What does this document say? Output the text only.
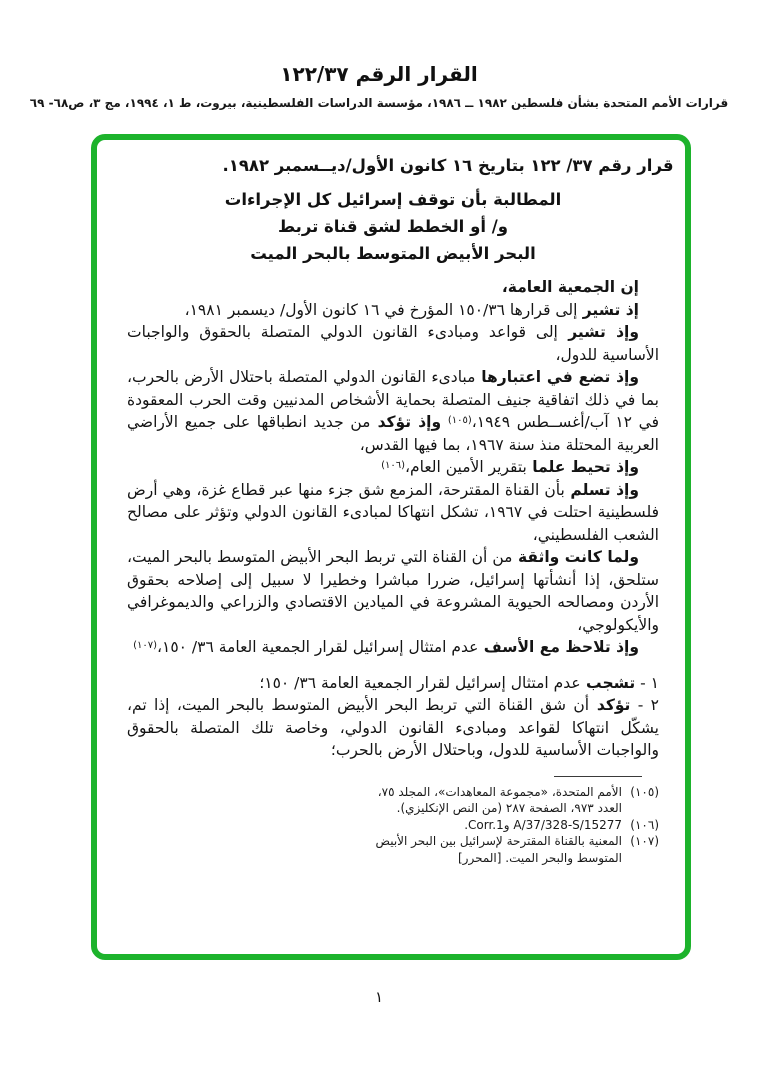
القرار الرقم ١٢٢/٣٧
قرارات الأمم المتحدة بشأن فلسطين ١٩٨٢ ــ ١٩٨٦، مؤسسة الدراسات الفلسطينية، بيروت، ط ١، ١٩٩٤، مج ٣، ص٦٨- ٦٩
قرار رقم ٣٧/ ١٢٢ بتاريخ ١٦ كانون الأول/ديــسمبر ١٩٨٢.
المطالبة بأن توقف إسرائيل كل الإجراءات
و/ أو الخطط لشق قناة تربط
البحر الأبيض المتوسط بالبحر الميت

إن الجمعية العامة،

إذ تشير إلى قرارها ١٥٠/٣٦ المؤرخ في ١٦ كانون الأول/ ديسمبر ١٩٨١،

وإذ تشير إلى قواعد ومبادىء القانون الدولي المتصلة بالحقوق والواجبات الأساسية للدول،

وإذ تضع في اعتبارها مبادىء القانون الدولي المتصلة باحتلال الأرض بالحرب، بما في ذلك اتفاقية جنيف المتصلة بحماية الأشخاص المدنيين وقت الحرب المعقودة في ١٢ آب/أغســطس ١٩٤٩،$^{(١٠٥)}$ وإذ تؤكد من جديد انطباقها على جميع الأراضي العربية المحتلة منذ سنة ١٩٦٧، بما فيها القدس،

وإذ تحيط علما بتقرير الأمين العام،$^{(١٠٦)}$

وإذ تسلم بأن القناة المقترحة، المزمع شق جزء منها عبر قطاع غزة، وهي أرض فلسطينية احتلت في ١٩٦٧، تشكل انتهاكا لمبادىء القانون الدولي وتؤثر على مصالح الشعب الفلسطيني،

ولما كانت واثقة من أن القناة التي تربط البحر الأبيض المتوسط بالبحر الميت، ستلحق، إذا أنشأتها إسرائيل، ضررا مباشرا وخطيرا لا سبيل إلى إصلاحه بحقوق الأردن ومصالحه الحيوية المشروعة في الميادين الاقتصادي والزراعي والديموغرافي والأيكولوجي،

وإذ تلاحظ مع الأسف عدم امتثال إسرائيل لقرار الجمعية العامة ٣٦/ ١٥٠،$^{(١٠٧)}$

١ - تشجب عدم امتثال إسرائيل لقرار الجمعية العامة ٣٦/ ١٥٠؛

٢ - تؤكد أن شق القناة التي تربط البحر الأبيض المتوسط بالبحر الميت، إذا تم، يشكّل انتهاكا لقواعد ومبادىء القانون الدولي، وخاصة تلك المتصلة بالحقوق والواجبات الأساسية للدول، وباحتلال الأرض بالحرب؛

(١٠٥)
الأمم المتحدة، «مجموعة المعاهدات»، المجلد ٧٥، العدد ٩٧٣، الصفحة ٢٨٧ (من النص الإنكليزي).
(١٠٦)
A/37/328-S/15277 وCorr.1.
(١٠٧)
المعنية بالقناة المقترحة لإسرائيل بين البحر الأبيض المتوسط والبحر الميت. [المحرر]
١
